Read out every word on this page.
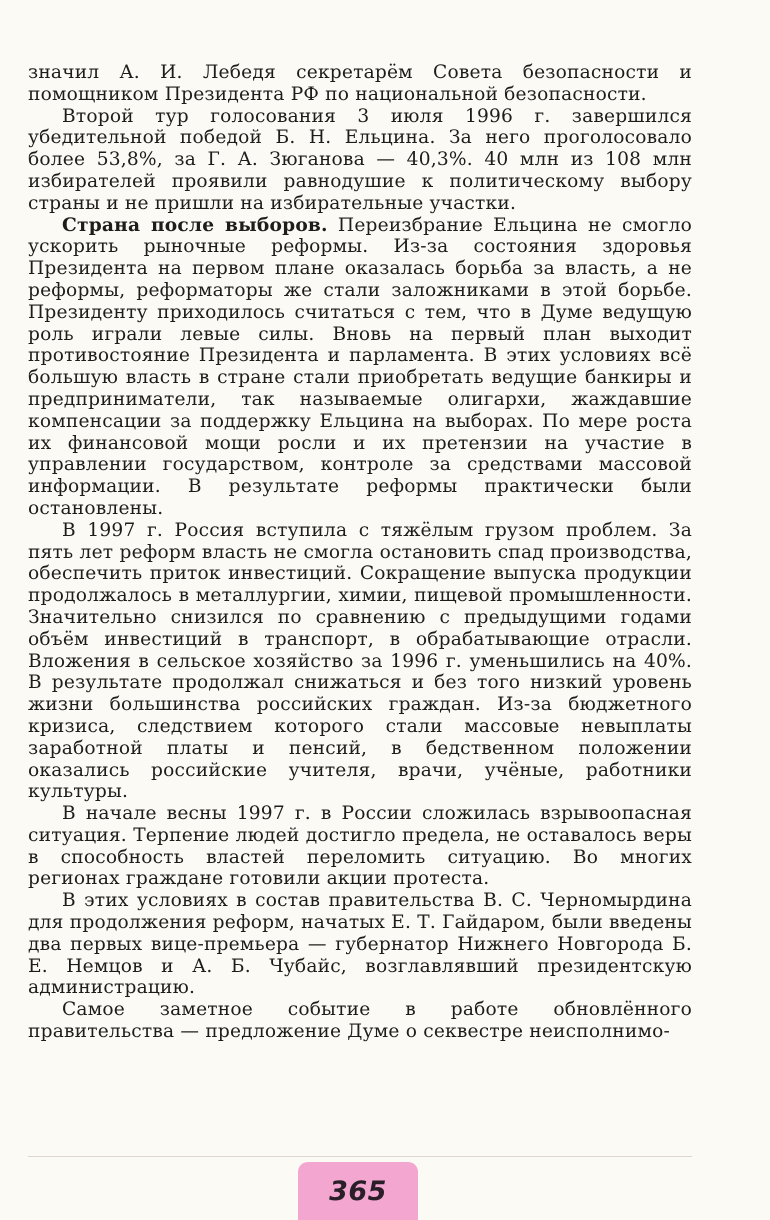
значил А. И. Лебедя секретарём Совета безопасности и помощником Президента РФ по национальной безопасности.

Второй тур голосования 3 июля 1996 г. завершился убедительной победой Б. Н. Ельцина. За него проголосовало более 53,8%, за Г. А. Зюганова — 40,3%. 40 млн из 108 млн избирателей проявили равнодушие к политическому выбору страны и не пришли на избирательные участки.

Страна после выборов. Переизбрание Ельцина не смогло ускорить рыночные реформы. Из-за состояния здоровья Президента на первом плане оказалась борьба за власть, а не реформы, реформаторы же стали заложниками в этой борьбе. Президенту приходилось считаться с тем, что в Думе ведущую роль играли левые силы. Вновь на первый план выходит противостояние Президента и парламента. В этих условиях всё большую власть в стране стали приобретать ведущие банкиры и предприниматели, так называемые олигархи, жаждавшие компенсации за поддержку Ельцина на выборах. По мере роста их финансовой мощи росли и их претензии на участие в управлении государством, контроле за средствами массовой информации. В результате реформы практически были остановлены.

В 1997 г. Россия вступила с тяжёлым грузом проблем. За пять лет реформ власть не смогла остановить спад производства, обеспечить приток инвестиций. Сокращение выпуска продукции продолжалось в металлургии, химии, пищевой промышленности. Значительно снизился по сравнению с предыдущими годами объём инвестиций в транспорт, в обрабатывающие отрасли. Вложения в сельское хозяйство за 1996 г. уменьшились на 40%. В результате продолжал снижаться и без того низкий уровень жизни большинства российских граждан. Из-за бюджетного кризиса, следствием которого стали массовые невыплаты заработной платы и пенсий, в бедственном положении оказались российские учителя, врачи, учёные, работники культуры.

В начале весны 1997 г. в России сложилась взрывоопасная ситуация. Терпение людей достигло предела, не оставалось веры в способность властей переломить ситуацию. Во многих регионах граждане готовили акции протеста.

В этих условиях в состав правительства В. С. Черномырдина для продолжения реформ, начатых Е. Т. Гайдаром, были введены два первых вице-премьера — губернатор Нижнего Новгорода Б. Е. Немцов и А. Б. Чубайс, возглавлявший президентскую администрацию.

Самое заметное событие в работе обновлённого правительства — предложение Думе о секвестре неисполнимо-

365
